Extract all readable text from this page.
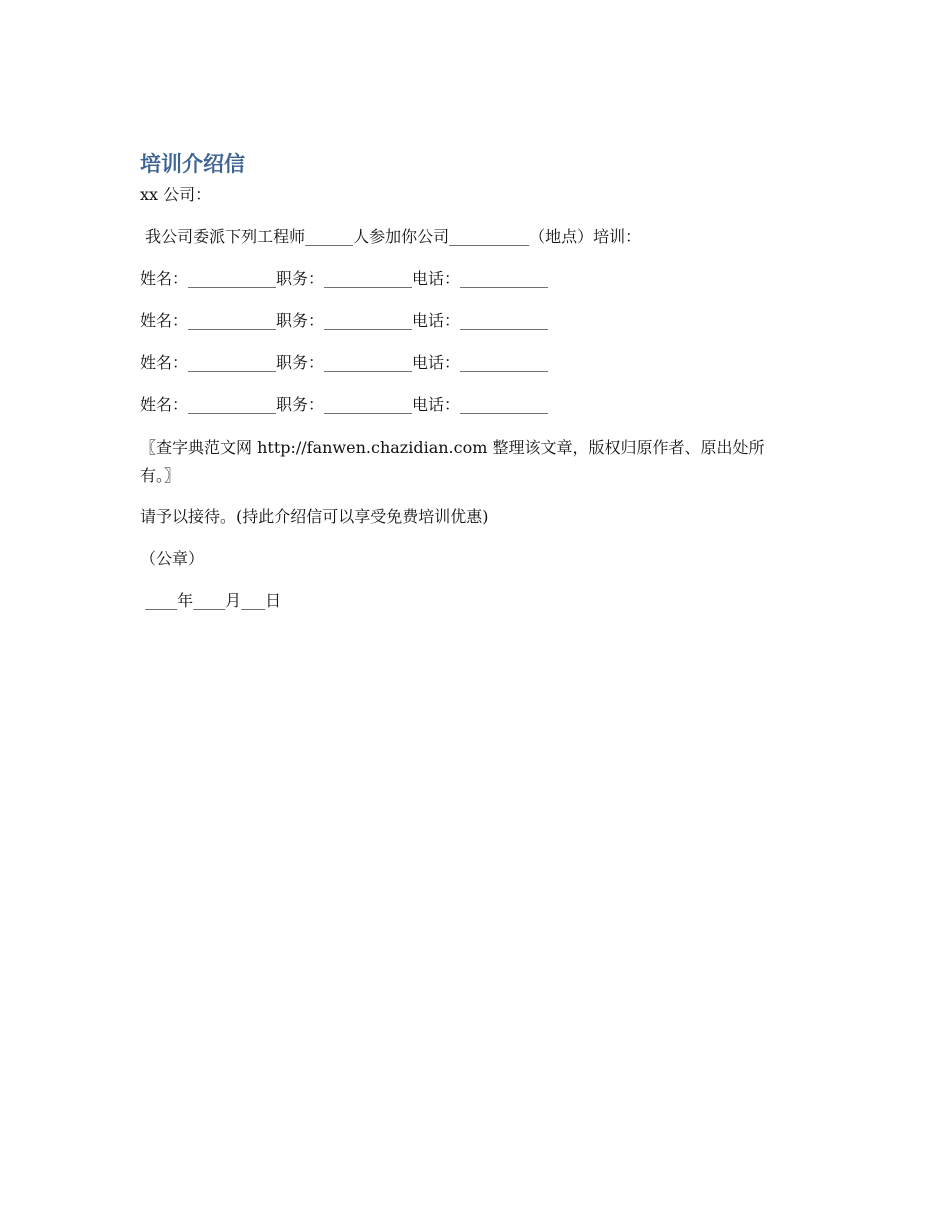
培训介绍信

xx 公司：

我公司委派下列工程师______人参加你公司__________（地点）培训：

姓名：___________职务：___________电话：___________

姓名：___________职务：___________电话：___________

姓名：___________职务：___________电话：___________

姓名：___________职务：___________电话：___________

〖查字典范文网 http://fanwen.chazidian.com 整理该文章，版权归原作者、原出处所有。〗

请予以接待。(持此介绍信可以享受免费培训优惠)

（公章）

____年____月___日
